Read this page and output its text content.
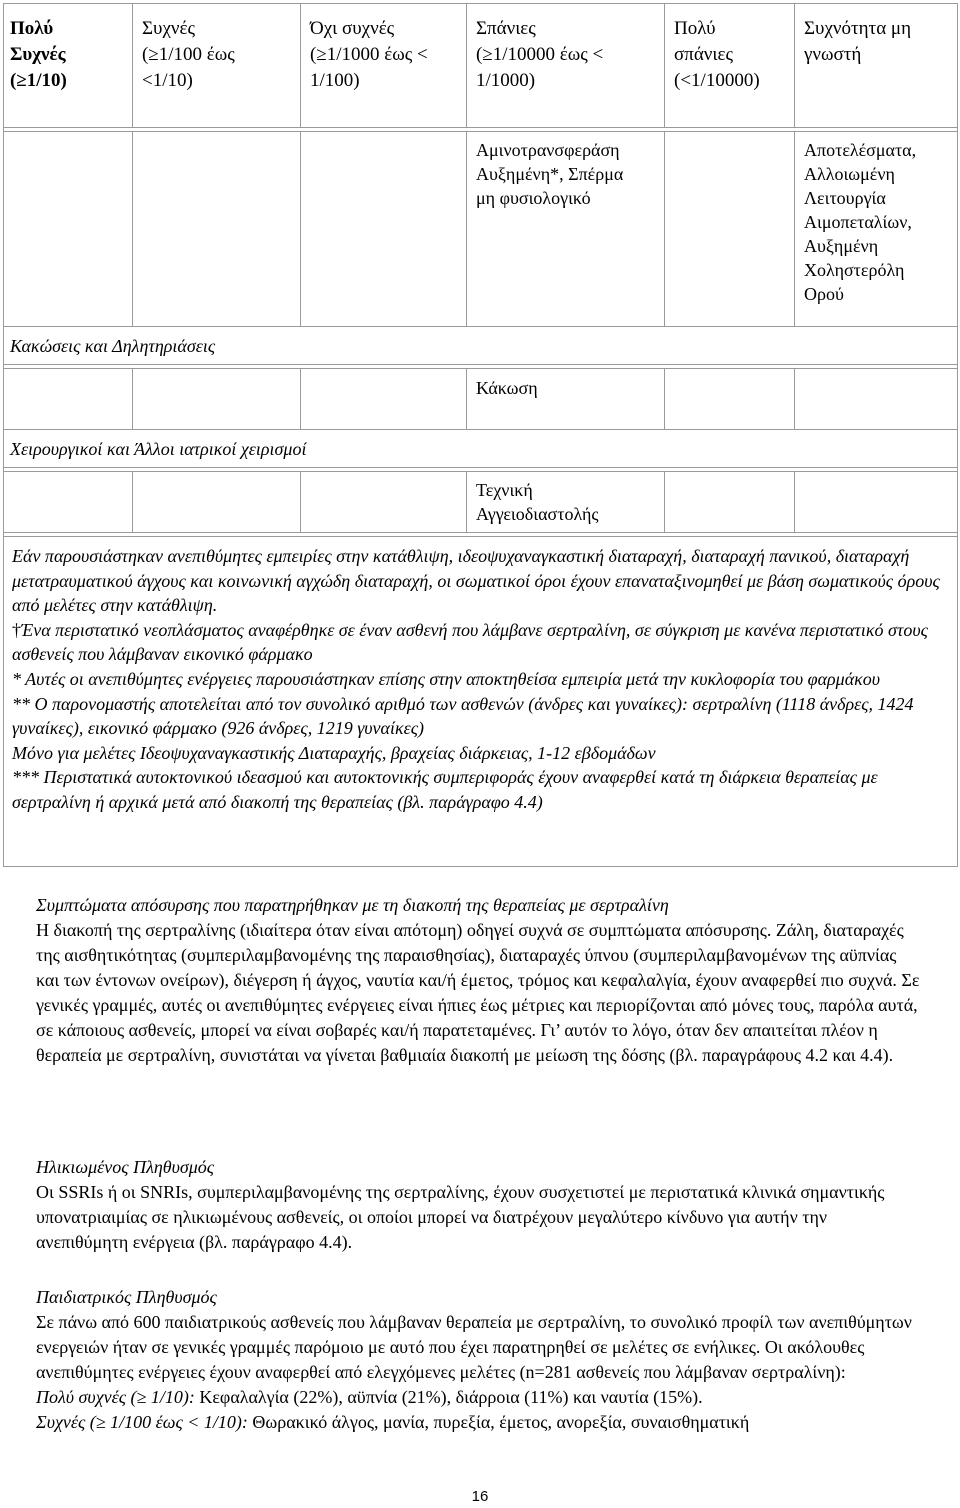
Πολύ
Συχνές
(≥1/10)

Συχνές
(≥1/100 έως
<1/10)

Όχι συχνές
(≥1/1000 έως <
1/100)

Σπάνιες
(≥1/10000 έως <
1/1000)

Πολύ
σπάνιες
(<1/10000)

Συχνότητα μη
γνωστή

Αμινοτρανσφεράση
Αυξημένη*, Σπέρμα
μη φυσιολογικό

Αποτελέσματα,
Αλλοιωμένη
Λειτουργία
Αιμοπεταλίων,
Αυξημένη
Χοληστερόλη
Ορού

Κακώσεις και Δηλητηριάσεις

Κάκωση

Χειρουργικοί και Άλλοι ιατρικοί χειρισμοί

Τεχνική
Αγγειοδιαστολής

Εάν παρουσιάστηκαν ανεπιθύμητες εμπειρίες στην κατάθλιψη, ιδεοψυχαναγκαστική διαταραχή, διαταραχή πανικού, διαταραχή μετατραυματικού άγχους και κοινωνική αγχώδη διαταραχή, οι σωματικοί όροι έχουν επαναταξινομηθεί με βάση σωματικούς όρους από μελέτες στην κατάθλιψη.

†Ένα περιστατικό νεοπλάσματος αναφέρθηκε σε έναν ασθενή που λάμβανε σερτραλίνη, σε σύγκριση με κανένα περιστατικό στους ασθενείς που λάμβαναν εικονικό φάρμακο

* Αυτές οι ανεπιθύμητες ενέργειες παρουσιάστηκαν επίσης στην αποκτηθείσα εμπειρία μετά την κυκλοφορία του φαρμάκου

** Ο παρονομαστής αποτελείται από τον συνολικό αριθμό των ασθενών (άνδρες και γυναίκες): σερτραλίνη (1118 άνδρες, 1424 γυναίκες), εικονικό φάρμακο (926 άνδρες, 1219 γυναίκες)

Μόνο για μελέτες Ιδεοψυχαναγκαστικής Διαταραχής, βραχείας διάρκειας, 1-12 εβδομάδων

*** Περιστατικά αυτοκτονικού ιδεασμού και αυτοκτονικής συμπεριφοράς έχουν αναφερθεί κατά τη διάρκεια θεραπείας με σερτραλίνη ή αρχικά μετά από διακοπή της θεραπείας (βλ. παράγραφο 4.4)

Συμπτώματα απόσυρσης που παρατηρήθηκαν με τη διακοπή της θεραπείας με σερτραλίνη

Η διακοπή της σερτραλίνης (ιδιαίτερα όταν είναι απότομη) οδηγεί συχνά σε συμπτώματα απόσυρσης. Ζάλη, διαταραχές της αισθητικότητας (συμπεριλαμβανομένης της παραισθησίας), διαταραχές ύπνου (συμπεριλαμβανομένων της αϋπνίας και των έντονων ονείρων), διέγερση ή άγχος, ναυτία και/ή έμετος, τρόμος και κεφαλαλγία, έχουν αναφερθεί πιο συχνά. Σε γενικές γραμμές, αυτές οι ανεπιθύμητες ενέργειες είναι ήπιες έως μέτριες και περιορίζονται από μόνες τους, παρόλα αυτά, σε κάποιους ασθενείς, μπορεί να είναι σοβαρές και/ή παρατεταμένες. Γι’ αυτόν το λόγο, όταν δεν απαιτείται πλέον η θεραπεία με σερτραλίνη, συνιστάται να γίνεται βαθμιαία διακοπή με μείωση της δόσης (βλ. παραγράφους 4.2 και 4.4).

Ηλικιωμένος Πληθυσμός

Οι SSRIs ή οι SNRIs, συμπεριλαμβανομένης της σερτραλίνης, έχουν συσχετιστεί με περιστατικά κλινικά σημαντικής υπονατριαιμίας σε ηλικιωμένους ασθενείς, οι οποίοι μπορεί να διατρέχουν μεγαλύτερο κίνδυνο για αυτήν την ανεπιθύμητη ενέργεια (βλ. παράγραφο 4.4).

Παιδιατρικός Πληθυσμός

Σε πάνω από 600 παιδιατρικούς ασθενείς που λάμβαναν θεραπεία με σερτραλίνη, το συνολικό προφίλ των ανεπιθύμητων ενεργειών ήταν σε γενικές γραμμές παρόμοιο με αυτό που έχει παρατηρηθεί σε μελέτες σε ενήλικες. Οι ακόλουθες ανεπιθύμητες ενέργειες έχουν αναφερθεί από ελεγχόμενες μελέτες (n=281 ασθενείς που λάμβαναν σερτραλίνη):

Πολύ συχνές (≥ 1/10): Κεφαλαλγία (22%), αϋπνία (21%), διάρροια (11%) και ναυτία (15%).

Συχνές (≥ 1/100 έως < 1/10): Θωρακικό άλγος, μανία, πυρεξία, έμετος, ανορεξία, συναισθηματική

16
